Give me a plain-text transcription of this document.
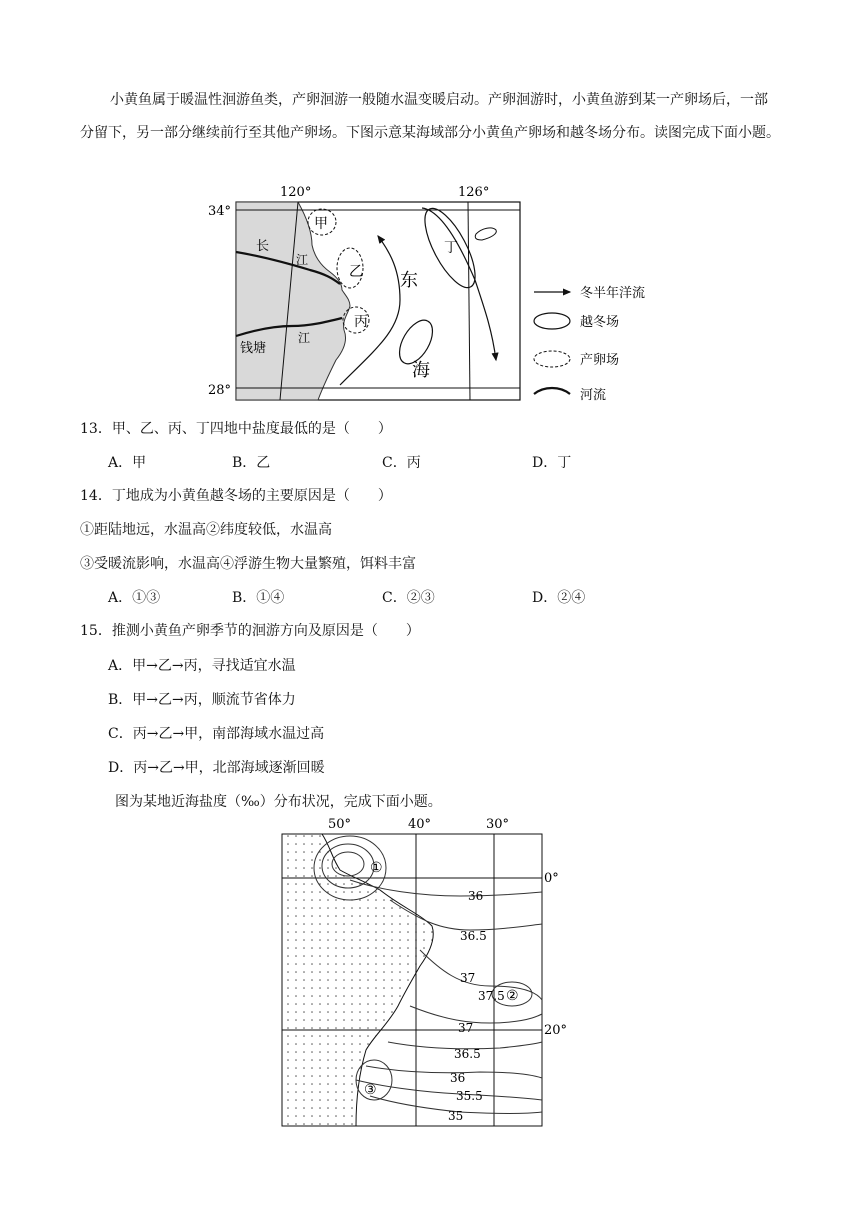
小黄鱼属于暖温性洄游鱼类，产卵洄游一般随水温变暖启动。产卵洄游时，小黄鱼游到某一产卵场后，一部分留下，另一部分继续前行至其他产卵场。下图示意某海域部分小黄鱼产卵场和越冬场分布。读图完成下面小题。
120°	126°
34°
28°
甲
乙
丙
丁
长
江
钱塘
江
东
海
冬半年洋流
越冬场
产卵场
河流
13．甲、乙、丙、丁四地中盐度最低的是（　　）
A．甲	B．乙	C．丙	D．丁
14．丁地成为小黄鱼越冬场的主要原因是（　　）
①距陆地远，水温高②纬度较低，水温高
③受暖流影响，水温高④浮游生物大量繁殖，饵料丰富
A．①③	B．①④	C．②③	D．②④
15．推测小黄鱼产卵季节的洄游方向及原因是（　　）
A．甲→乙→丙，寻找适宜水温
B．甲→乙→丙，顺流节省体力
C．丙→乙→甲，南部海域水温过高
D．丙→乙→甲，北部海域逐渐回暖
图为某地近海盐度（‰）分布状况，完成下面小题。
50°	40°	30°
0°
20°
36
36.5
37
37.5
37
36.5
36
35.5
35
①
②
③
